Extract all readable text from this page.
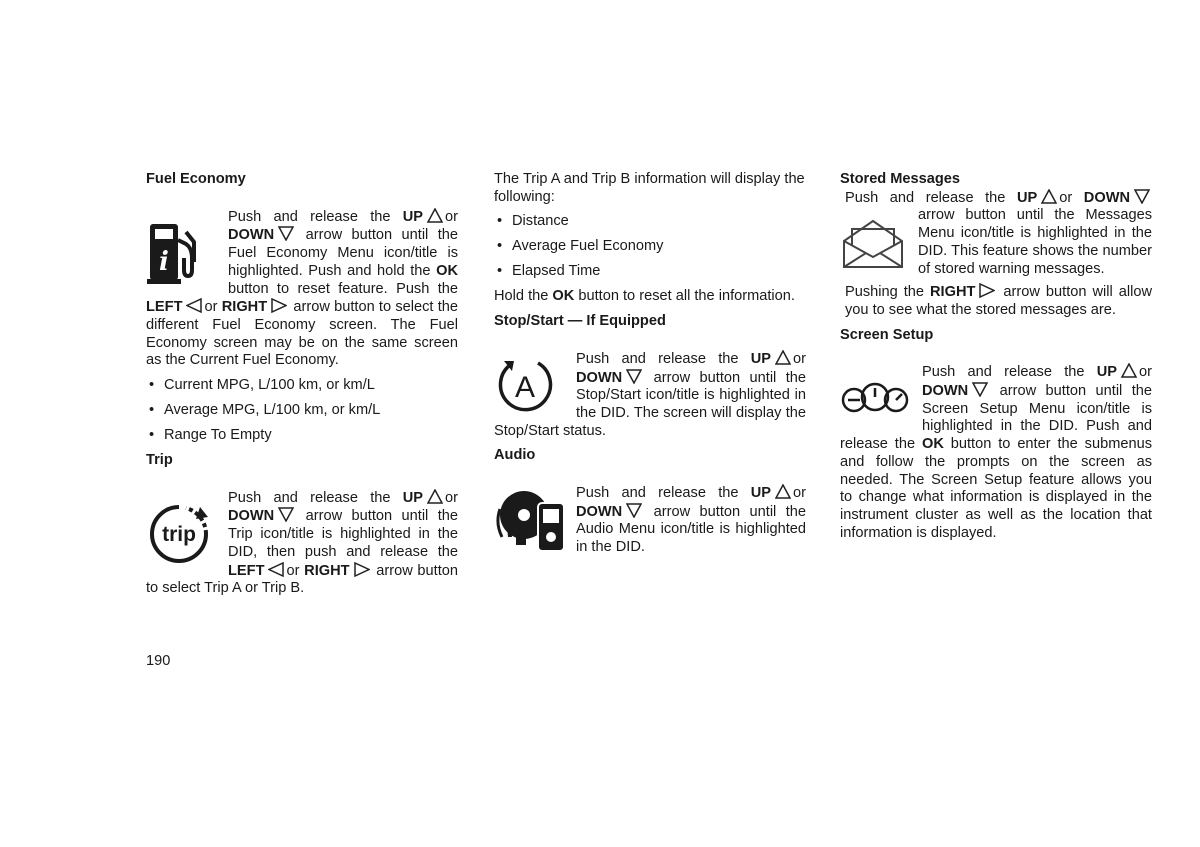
Fuel Economy
i

Push and release the UP or DOWN arrow button until the Fuel Economy Menu icon/title is highlighted. Push and hold the OK button to reset feature. Push the LEFT or RIGHT arrow button to select the different Fuel Economy screen. The Fuel Economy screen may be on the same screen as the Current Fuel Economy.

• Current MPG, L/100 km, or km/L
• Average MPG, L/100 km, or km/L
• Range To Empty
Trip
trip

Push and release the UP or DOWN arrow button until the Trip icon/title is highlighted in the DID, then push and release the LEFT or RIGHT arrow button to select Trip A or Trip B.

The Trip A and Trip B information will display the following:

• Distance
• Average Fuel Economy
• Elapsed Time

Hold the OK button to reset all the information.

Stop/Start — If Equipped
A

Push and release the UP or DOWN arrow button until the Stop/Start icon/title is highlighted in the DID. The screen will display the Stop/Start status.

Audio

Push and release the UP or DOWN arrow button until the Audio Menu icon/title is highlighted in the DID.

Stored Messages

Push and release the UP or DOWN
arrow button until the Messages Menu icon/title is highlighted in the DID. This feature shows the number of stored warning messages.

Pushing the RIGHT arrow button will allow you to see what the stored messages are.

Screen Setup

Push and release the UP or DOWN arrow button until the Screen Setup Menu icon/title is highlighted in the DID. Push and release the OK button to enter the submenus and follow the prompts on the screen as needed. The Screen Setup feature allows you to change what information is displayed in the instrument cluster as well as the location that information is displayed.

190
